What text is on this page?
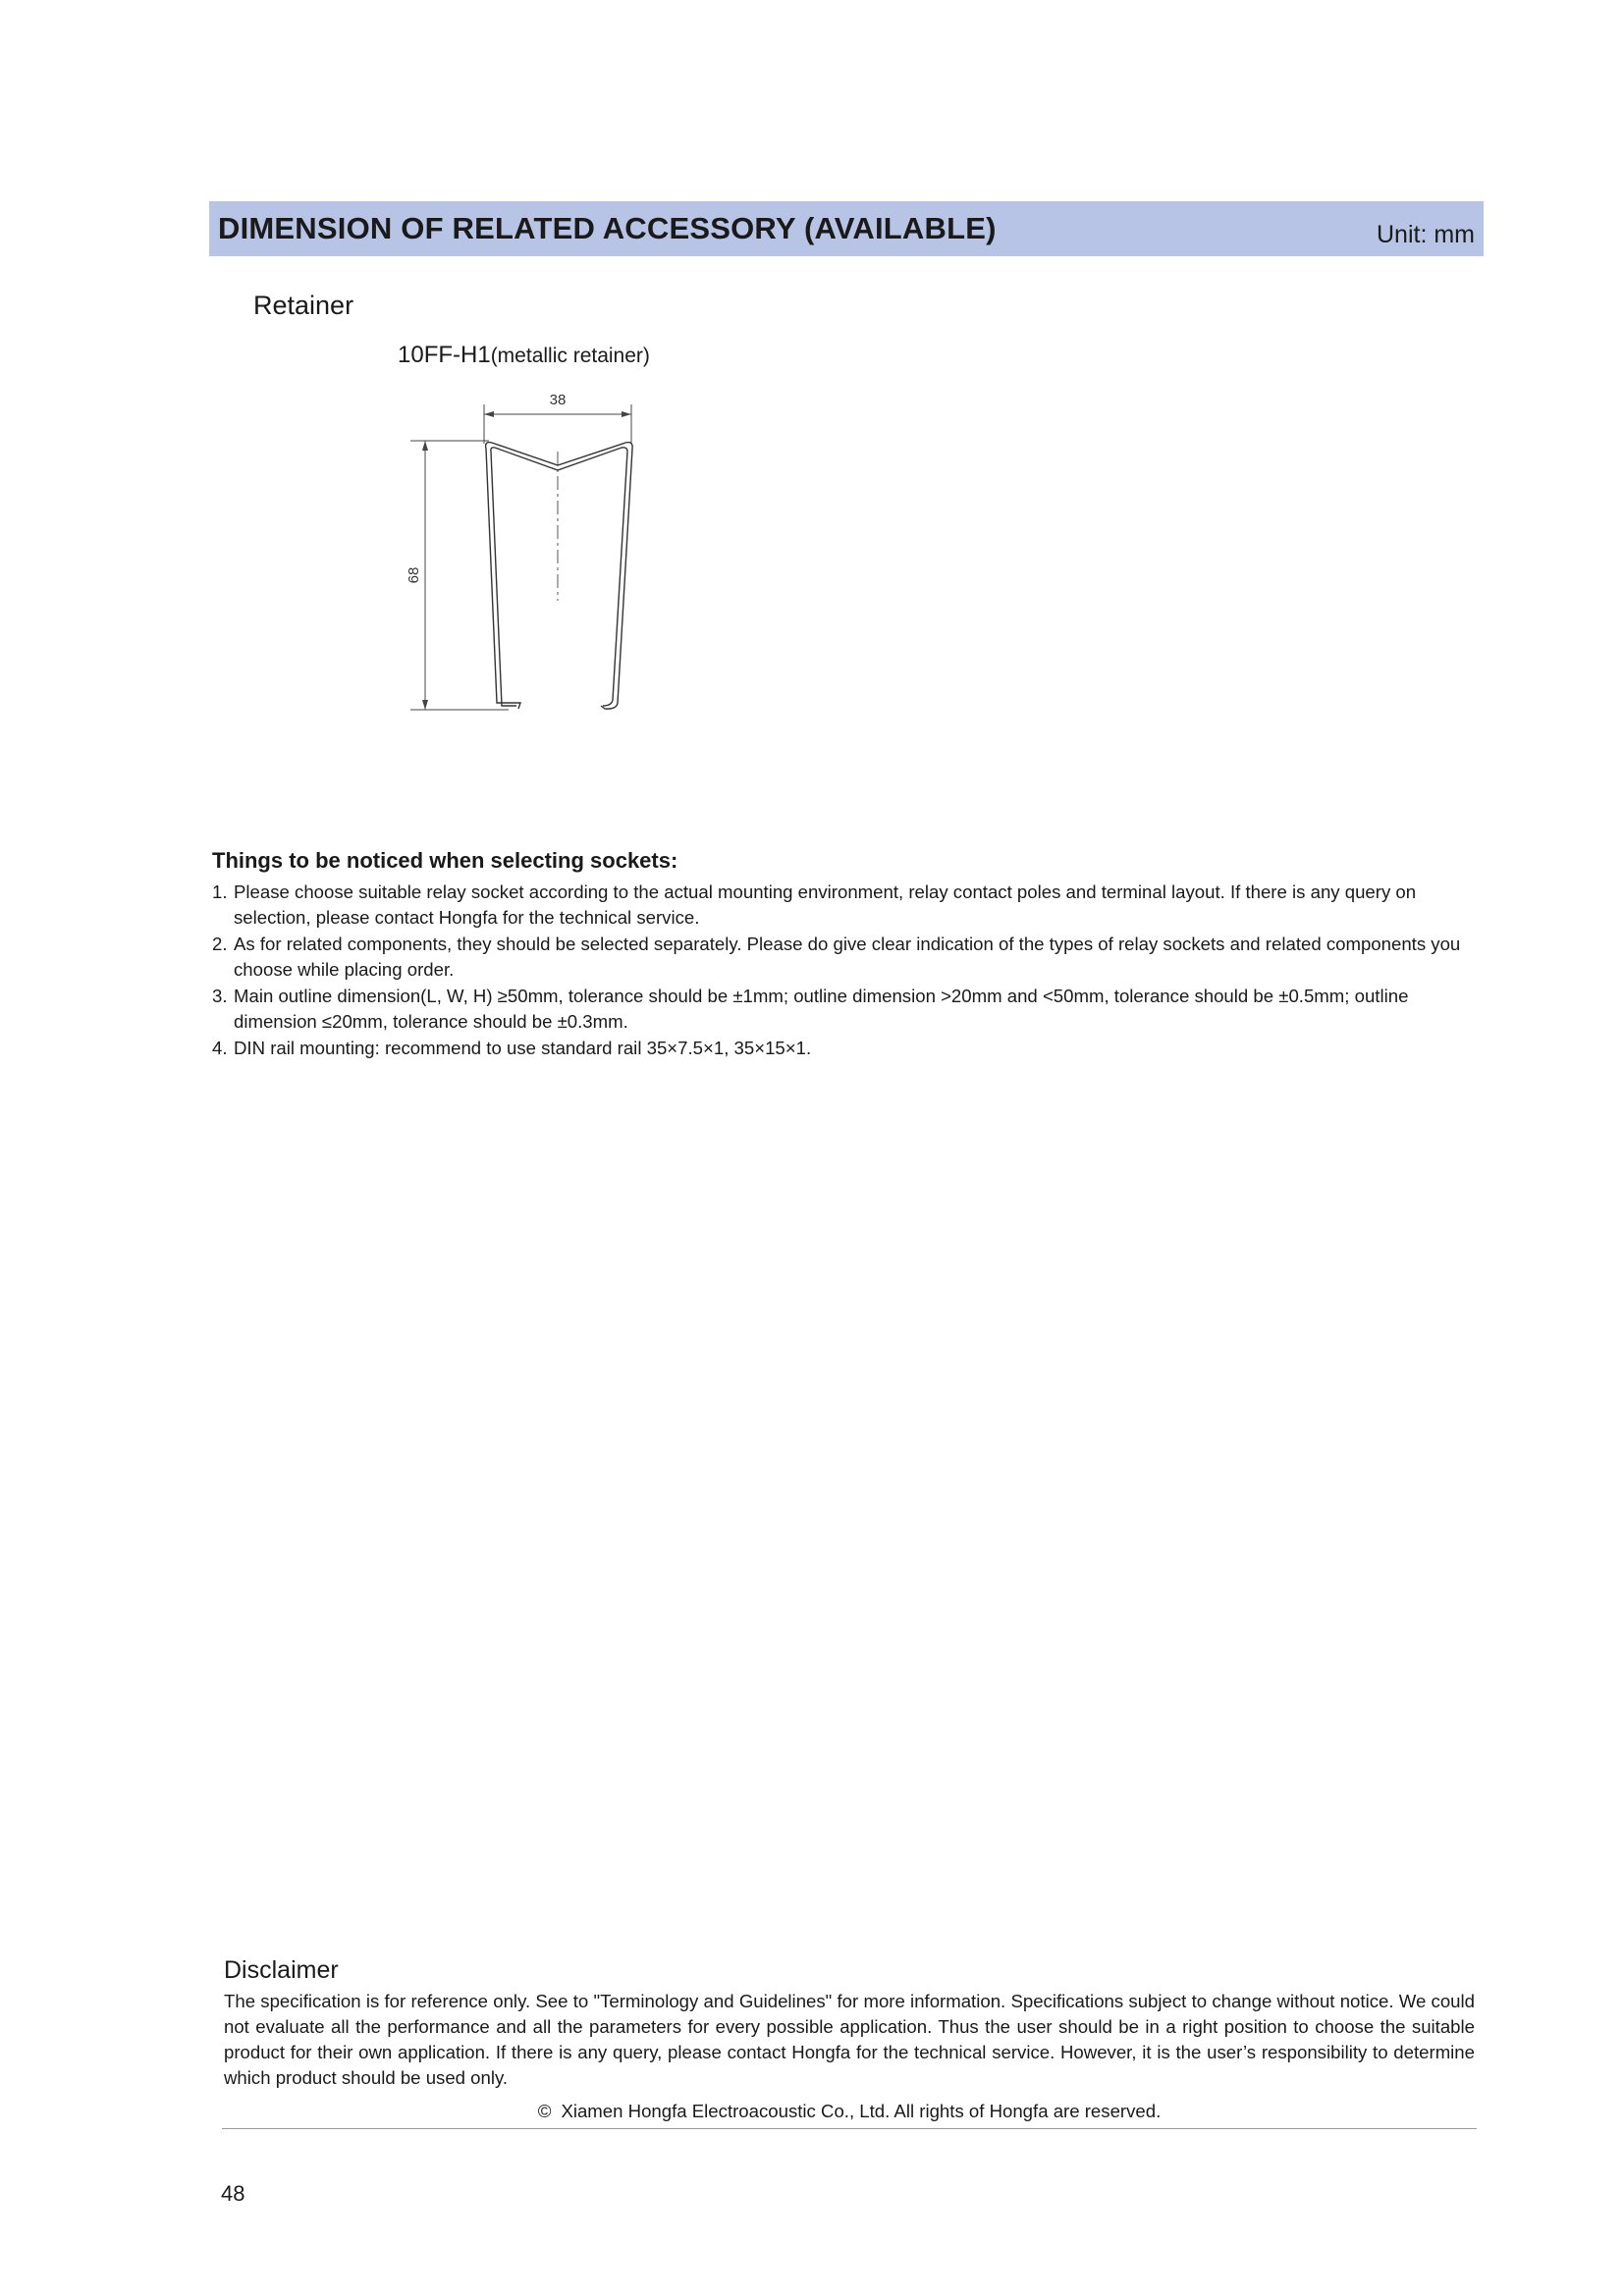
DIMENSION OF RELATED ACCESSORY (AVAILABLE)	Unit: mm
Retainer
10FF-H1(metallic retainer)
38
68
Things to be noticed when selecting sockets:
1. Please choose suitable relay socket according to the actual mounting environment, relay contact poles and terminal layout. If there is any query on selection, please contact Hongfa for the technical service.
2. As for related components, they should be selected separately. Please do give clear indication of the types of relay sockets and related components you choose while placing order.
3. Main outline dimension(L, W, H) ≥50mm, tolerance should be ±1mm; outline dimension >20mm and <50mm, tolerance should be ±0.5mm; outline dimension ≤20mm, tolerance should be ±0.3mm.
4. DIN rail mounting: recommend to use standard rail 35×7.5×1, 35×15×1.
Disclaimer
The specification is for reference only. See to "Terminology and Guidelines" for more information. Specifications subject to change without notice. We could not evaluate all the performance and all the parameters for every possible application. Thus the user should be in a right position to choose the suitable product for their own application. If there is any query, please contact Hongfa for the technical service. However, it is the user’s responsibility to determine which product should be used only.
© Xiamen Hongfa Electroacoustic Co., Ltd. All rights of Hongfa are reserved.
48
